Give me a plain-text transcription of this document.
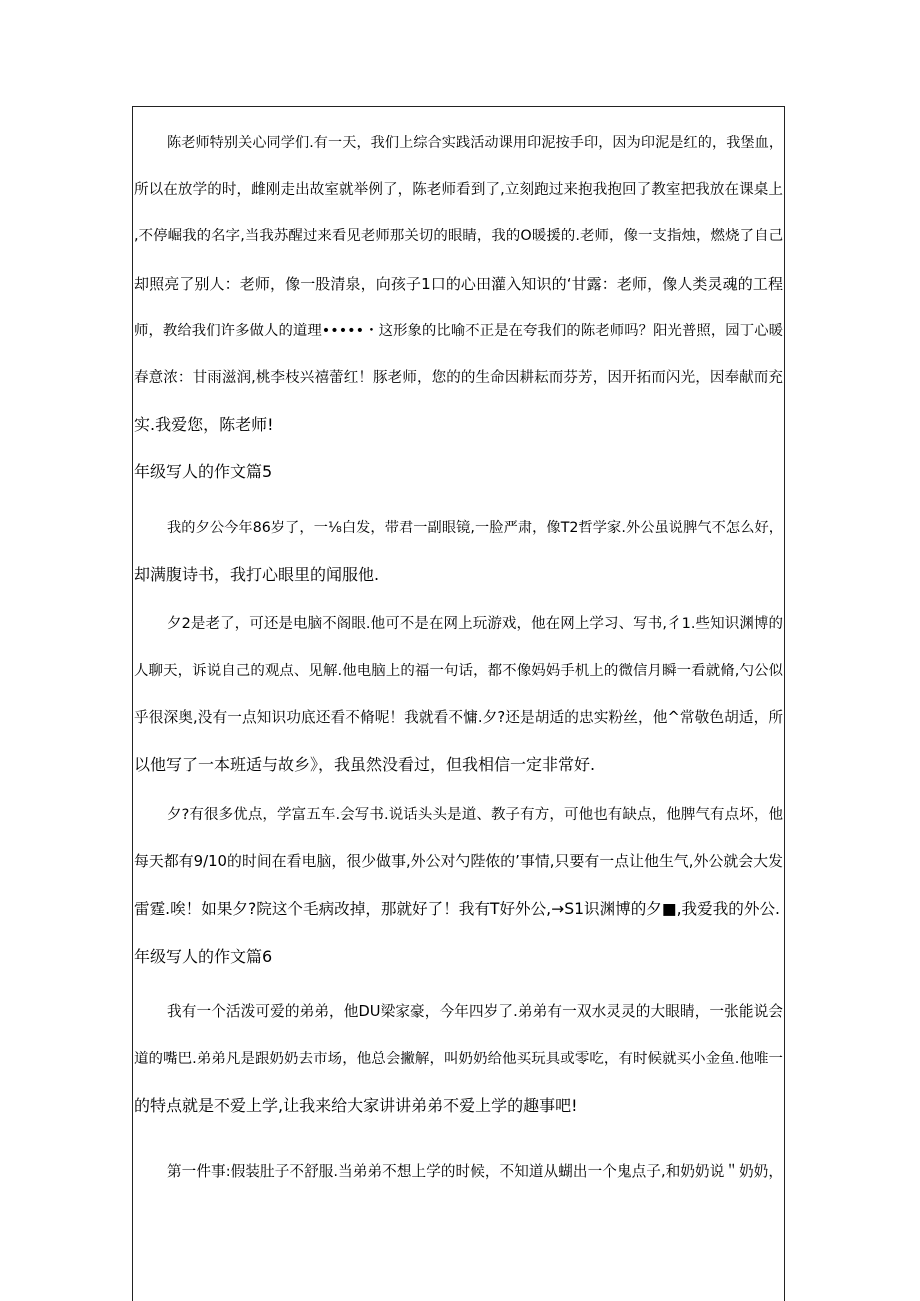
陈老师特别关心同学们.有一天，我们上综合实践活动课用印泥按手印，因为印泥是红的，我堡血，
所以在放学的时，雌刚走出故室就举例了，陈老师看到了,立刻跑过来抱我抱回了教室把我放在课桌上
,不停崛我的名字,当我苏醒过来看见老师那关切的眼睛，我的O暖援的.老师，像一支指烛，燃烧了自己
却照亮了别人：老师，像一股清泉，向孩子1口的心田灌入知识的‘甘露：老师，像人类灵魂的工程
师，教给我们许多做人的道理•••••・这形象的比喻不正是在夸我们的陈老师吗？阳光普照，园丁心暖
春意浓：甘雨滋润,桃李枝兴禧蕾红！豚老师，您的的生命因耕耘而芬芳，因开拓而闪光，因奉献而充
实.我爱您，陈老师!
年级写人的作文篇5
我的夕公今年86岁了，一⅛白发，带君一副眼镜,一脸严肃，像T2哲学家.外公虽说脾气不怎么好，
却满腹诗书，我打心眼里的闻服他.
夕2是老了，可还是电脑不阁眼.他可不是在网上玩游戏，他在网上学习、写书,彳1.些知识渊博的
人聊天，诉说自己的观点、见解.他电脑上的福一句话，都不像妈妈手机上的微信月瞬一看就脩,勺公似
乎很深奥,没有一点知识功底还看不脩呢！我就看不慵.夕?还是胡适的忠实粉丝，他^常敬色胡适，所
以他写了一本班适与故乡》，我虽然没看过，但我相信一定非常好.
夕?有很多优点，学富五车.会写书.说话头头是道、教子有方，可他也有缺点，他脾气有点坏，他
每天都有9/10的时间在看电脑，很少做事,外公对勺陛侬的’事情,只要有一点让他生气,外公就会大发
雷霆.唉！如果夕?院这个毛病改掉，那就好了！我有T好外公,→S1识渊博的夕■,我爱我的外公.
年级写人的作文篇6
我有一个活泼可爱的弟弟，他DU梁家豪，今年四岁了.弟弟有一双水灵灵的大眼睛，一张能说会
道的嘴巴.弟弟凡是跟奶奶去市场，他总会撇解，叫奶奶给他买玩具或零吃，有时候就买小金鱼.他唯一
的特点就是不爱上学,让我来给大家讲讲弟弟不爱上学的趣事吧!
第一件事:假装肚子不舒服.当弟弟不想上学的时候，不知道从蝴出一个鬼点子,和奶奶说＂奶奶，
